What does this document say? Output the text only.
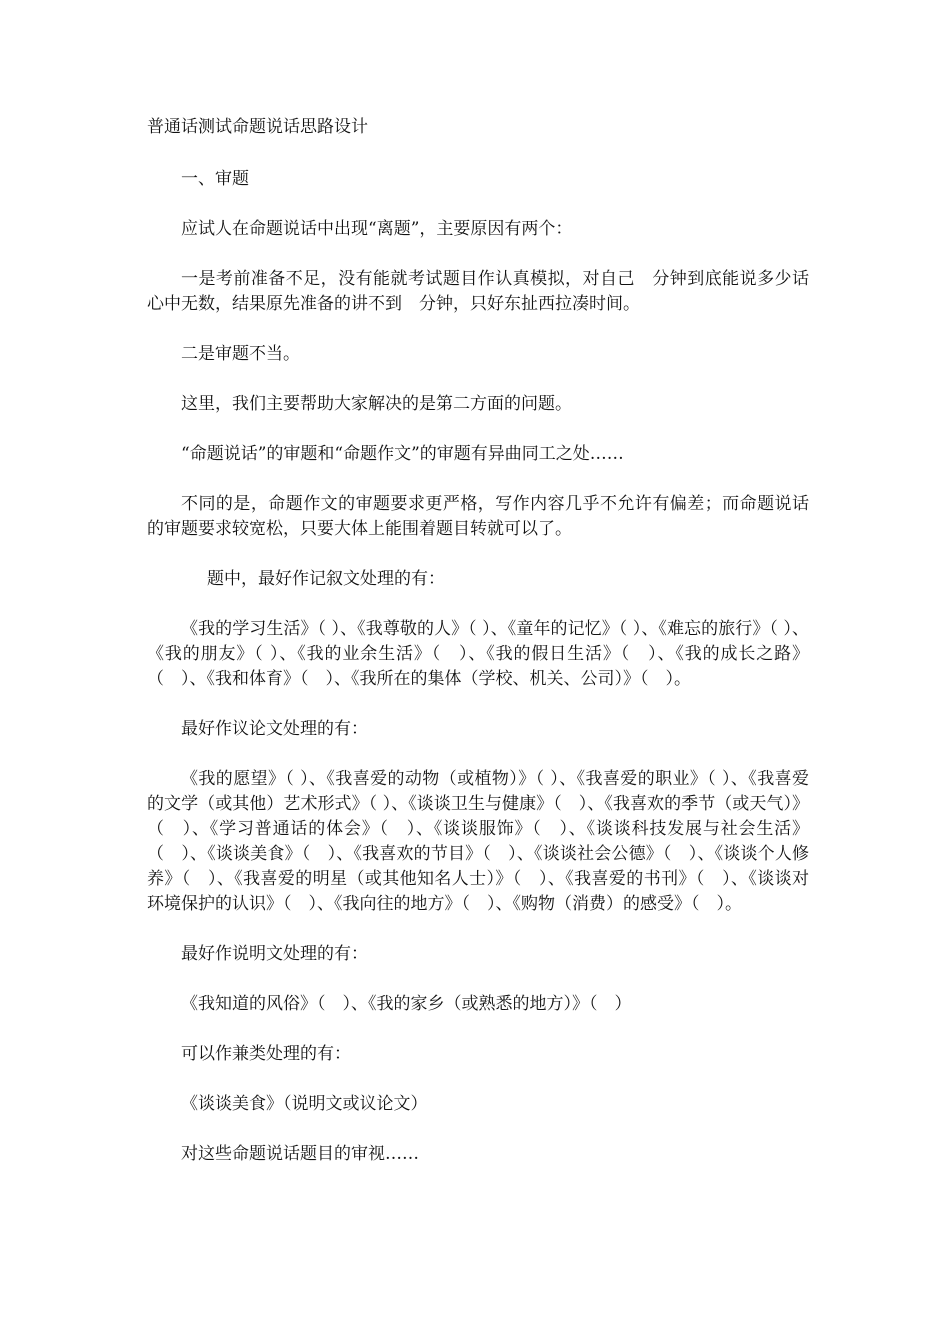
普通话测试命题说话思路设计

一、审题

应试人在命题说话中出现“离题”，主要原因有两个：

一是考前准备不足，没有能就考试题目作认真模拟，对自己　分钟到底能说多少话心中无数，结果原先准备的讲不到　分钟，只好东扯西拉凑时间。

二是审题不当。

这里，我们主要帮助大家解决的是第二方面的问题。

“命题说话”的审题和“命题作文”的审题有异曲同工之处……

不同的是，命题作文的审题要求更严格，写作内容几乎不允许有偏差；而命题说话的审题要求较宽松，只要大体上能围着题目转就可以了。

题中，最好作记叙文处理的有：

《我的学习生活》（ ）、《我尊敬的人》（ ）、《童年的记忆》（ ）、《难忘的旅行》（ ）、《我的朋友》（ ）、《我的业余生活》（　）、《我的假日生活》（　）、《我的成长之路》（　）、《我和体育》（　）、《我所在的集体（学校、机关、公司）》（　）。

最好作议论文处理的有：

《我的愿望》（ ）、《我喜爱的动物（或植物）》（ ）、《我喜爱的职业》（ ）、《我喜爱的文学（或其他）艺术形式》（ ）、《谈谈卫生与健康》（　）、《我喜欢的季节（或天气）》（　）、《学习普通话的体会》（　）、《谈谈服饰》（　）、《谈谈科技发展与社会生活》（　）、《谈谈美食》（　）、《我喜欢的节目》（　）、《谈谈社会公德》（　）、《谈谈个人修养》（　）、《我喜爱的明星（或其他知名人士）》（　）、《我喜爱的书刊》（　）、《谈谈对环境保护的认识》（　）、《我向往的地方》（　）、《购物（消费）的感受》（　）。

最好作说明文处理的有：

《我知道的风俗》（　）、《我的家乡（或熟悉的地方）》（　）

可以作兼类处理的有：

《谈谈美食》（说明文或议论文）

对这些命题说话题目的审视……
